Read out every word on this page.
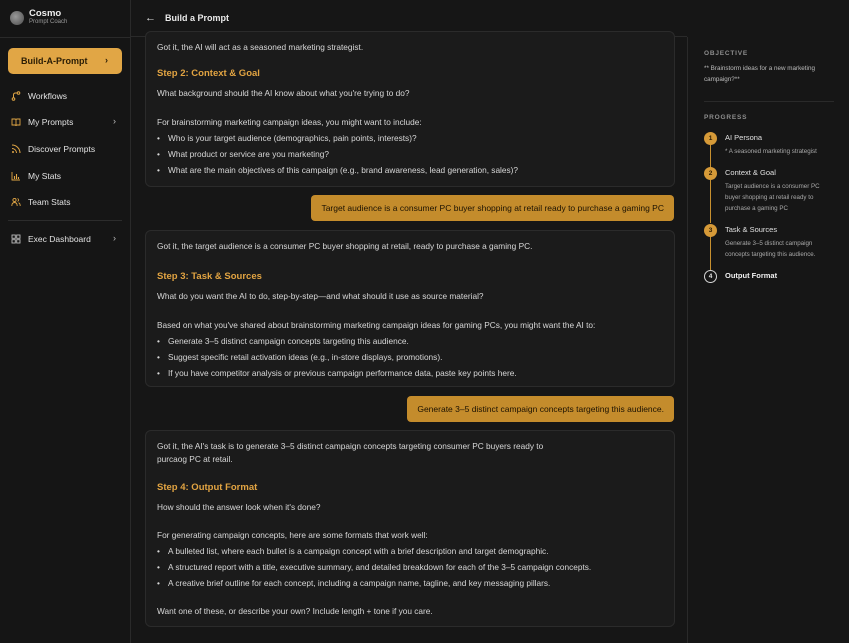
Cosmo
Prompt Coach
Build-A-Prompt ›
Workflows
My Prompts	›
Discover Prompts
My Stats
Team Stats
Exec Dashboard ›
←	Build a Prompt
Got it, the AI will act as a seasoned marketing strategist.
Step 2: Context & Goal
What background should the AI know about what you're trying to do?
For brainstorming marketing campaign ideas, you might want to include:
• Who is your target audience (demographics, pain points, interests)?
• What product or service are you marketing?
• What are the main objectives of this campaign (e.g., brand awareness, lead generation, sales)?
Target audience is a consumer PC buyer shopping at retail ready to purchase a gaming PC
Got it, the target audience is a consumer PC buyer shopping at retail, ready to purchase a gaming PC.
Step 3: Task & Sources
What do you want the AI to do, step-by-step—and what should it use as source material?
Based on what you've shared about brainstorming marketing campaign ideas for gaming PCs, you might want the AI to:
• Generate 3–5 distinct campaign concepts targeting this audience.
• Suggest specific retail activation ideas (e.g., in-store displays, promotions).
• If you have competitor analysis or previous campaign performance data, paste key points here.
Generate 3–5 distinct campaign concepts targeting this audience.
Got it, the AI's task is to generate 3–5 distinct campaign concepts targeting consumer PC buyers ready to
purcaog PC at retail.
Step 4: Output Format
How should the answer look when it's done?
For generating campaign concepts, here are some formats that work well:
• A bulleted list, where each bullet is a campaign concept with a brief description and target demographic.
• A structured report with a title, executive summary, and detailed breakdown for each of the 3–5 campaign concepts.
• A creative brief outline for each concept, including a campaign name, tagline, and key messaging pillars.
Want one of these, or describe your own? Include length + tone if you care.
OBJECTIVE
** Brainstorm ideas for a new marketing campaign?**
PROGRESS
1	AI Persona
* A seasoned marketing strategist
2	Context & Goal
Target audience is a consumer PC buyer shopping at retail ready to purchase a gaming PC
3	Task & Sources
Generate 3–5 distinct campaign concepts targeting this audience.
4	Output Format
